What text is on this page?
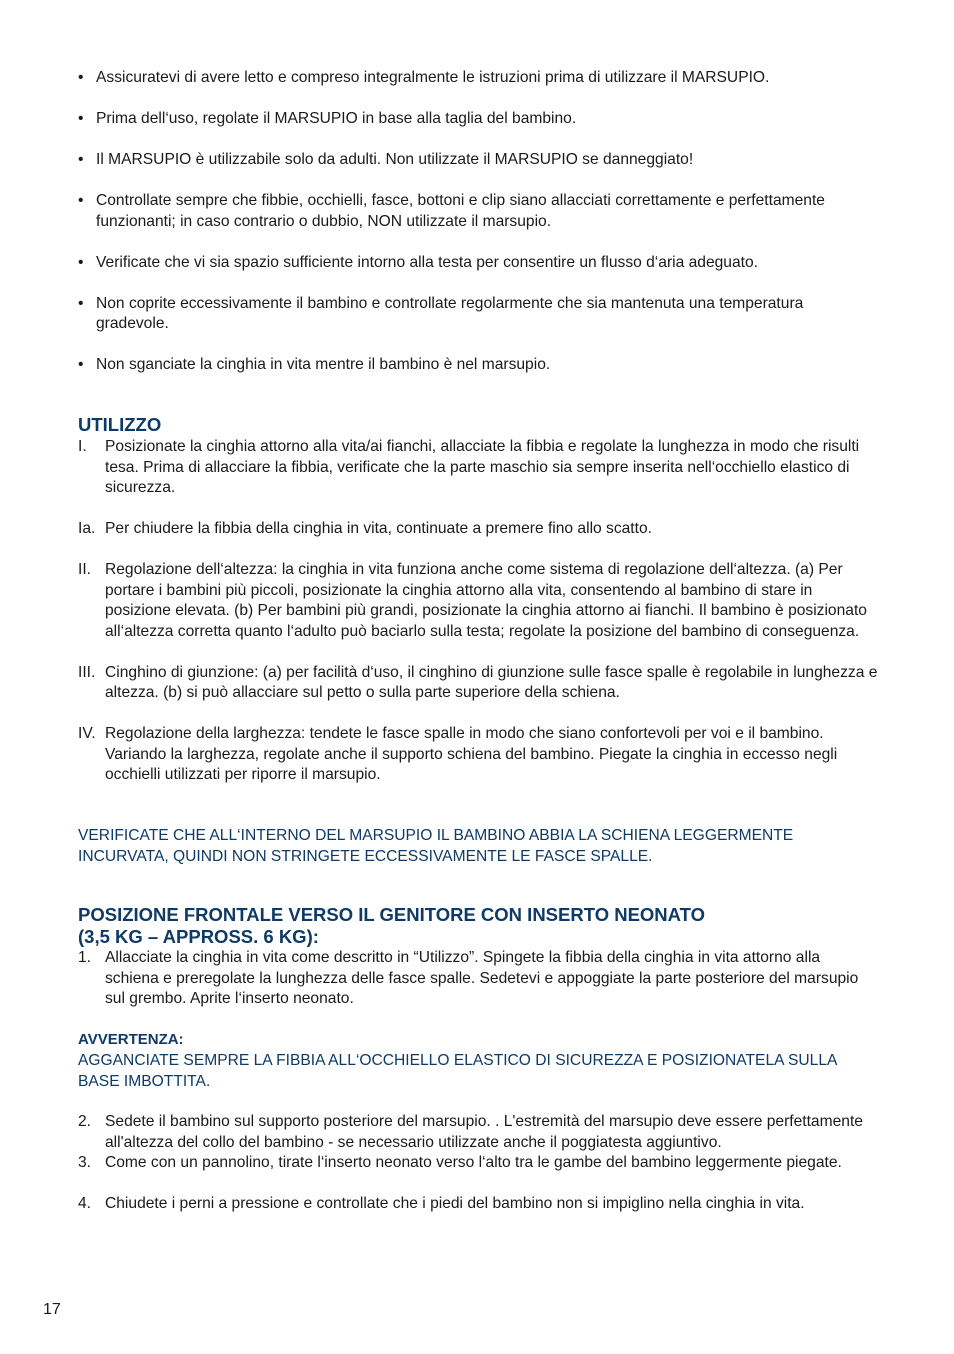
• Assicuratevi di avere letto e compreso integralmente le istruzioni prima di utilizzare il MARSUPIO.
• Prima dell‘uso, regolate il MARSUPIO in base alla taglia del bambino.
• Il MARSUPIO è utilizzabile solo da adulti. Non utilizzate il MARSUPIO se danneggiato!
• Controllate sempre che fibbie, occhielli, fasce, bottoni e clip siano allacciati correttamente e perfettamente funzionanti; in caso contrario o dubbio, NON utilizzate il marsupio.
• Verificate che vi sia spazio sufficiente intorno alla testa per consentire un flusso d‘aria adeguato.
• Non coprite eccessivamente il bambino e controllate regolarmente che sia mantenuta una temperatura gradevole.
• Non sganciate la cinghia in vita mentre il bambino è nel marsupio.
UTILIZZO
I. Posizionate la cinghia attorno alla vita/ai fianchi, allacciate la fibbia e regolate la lunghezza in modo che risulti tesa. Prima di allacciare la fibbia, verificate che la parte maschio sia sempre inserita nell‘occhiello elastico di sicurezza.
Ia. Per chiudere la fibbia della cinghia in vita, continuate a premere fino allo scatto.
II. Regolazione dell‘altezza: la cinghia in vita funziona anche come sistema di regolazione dell‘altezza. (a) Per portare i bambini più piccoli, posizionate la cinghia attorno alla vita, consentendo al bambino di stare in posizione elevata. (b) Per bambini più grandi, posizionate la cinghia attorno ai fianchi. Il bambino è posizionato all‘altezza corretta quanto l‘adulto può baciarlo sulla testa; regolate la posizione del bambino di conseguenza.
III. Cinghino di giunzione: (a) per facilità d‘uso, il cinghino di giunzione sulle fasce spalle è regolabile in lunghezza e altezza. (b) si può allacciare sul petto o sulla parte superiore della schiena.
IV. Regolazione della larghezza: tendete le fasce spalle in modo che siano confortevoli per voi e il bambino. Variando la larghezza, regolate anche il supporto schiena del bambino. Piegate la cinghia in eccesso negli occhielli utilizzati per riporre il marsupio.

VERIFICATE CHE ALL‘INTERNO DEL MARSUPIO IL BAMBINO ABBIA LA SCHIENA LEGGERMENTE INCURVATA, QUINDI NON STRINGETE ECCESSIVAMENTE LE FASCE SPALLE.

POSIZIONE FRONTALE VERSO IL GENITORE CON INSERTO NEONATO
(3,5 KG – APPROSS. 6 KG):
1. Allacciate la cinghia in vita come descritto in “Utilizzo”. Spingete la fibbia della cinghia in vita attorno alla schiena e preregolate la lunghezza delle fasce spalle. Sedetevi e appoggiate la parte posteriore del marsupio sul grembo. Aprite l‘inserto neonato.

AVVERTENZA:

AGGANCIATE SEMPRE LA FIBBIA ALL‘OCCHIELLO ELASTICO DI SICUREZZA E POSIZIONATELA SULLA BASE IMBOTTITA.

2. Sedete il bambino sul supporto posteriore del marsupio. . L'estremità del marsupio deve essere perfettamente all'altezza del collo del bambino - se necessario utilizzate anche il poggiatesta aggiuntivo.
3. Come con un pannolino, tirate l‘inserto neonato verso l‘alto tra le gambe del bambino leggermente piegate.
4. Chiudete i perni a pressione e controllate che i piedi del bambino non si impiglino nella cinghia in vita.
17
